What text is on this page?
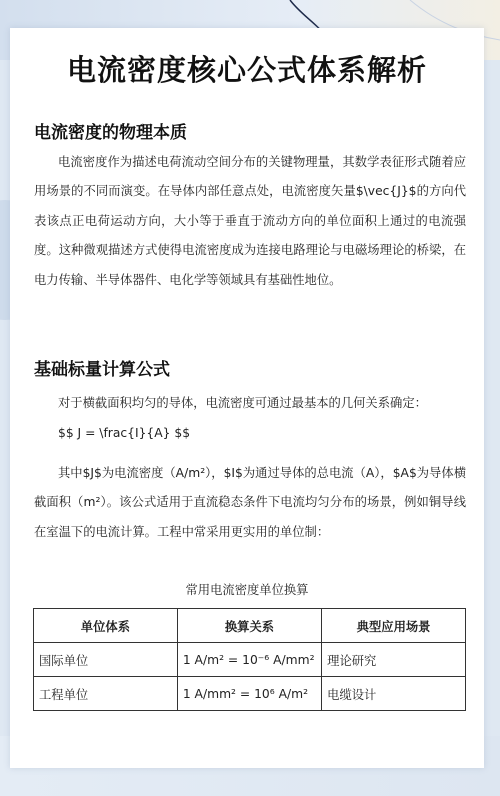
电流密度核心公式体系解析
电流密度的物理本质

电流密度作为描述电荷流动空间分布的关键物理量，其数学表征形式随着应用场景的不同而演变。在导体内部任意点处，电流密度矢量$\vec{J}$的方向代表该点正电荷运动方向，大小等于垂直于流动方向的单位面积上通过的电流强度。这种微观描述方式使得电流密度成为连接电路理论与电磁场理论的桥梁，在电力传输、半导体器件、电化学等领域具有基础性地位。

基础标量计算公式

对于横截面积均匀的导体，电流密度可通过最基本的几何关系确定：

$$ J = \frac{I}{A} $$

其中$J$为电流密度（A/m²），$I$为通过导体的总电流（A），$A$为导体横截面积（m²）。该公式适用于直流稳态条件下电流均匀分布的场景，例如铜导线在室温下的电流计算。工程中常采用更实用的单位制：

常用电流密度单位换算
单位体系	换算关系	典型应用场景
国际单位	1 A/m² = 10⁻⁶ A/mm²	理论研究
工程单位	1 A/mm² = 10⁶ A/m²	电缆设计
